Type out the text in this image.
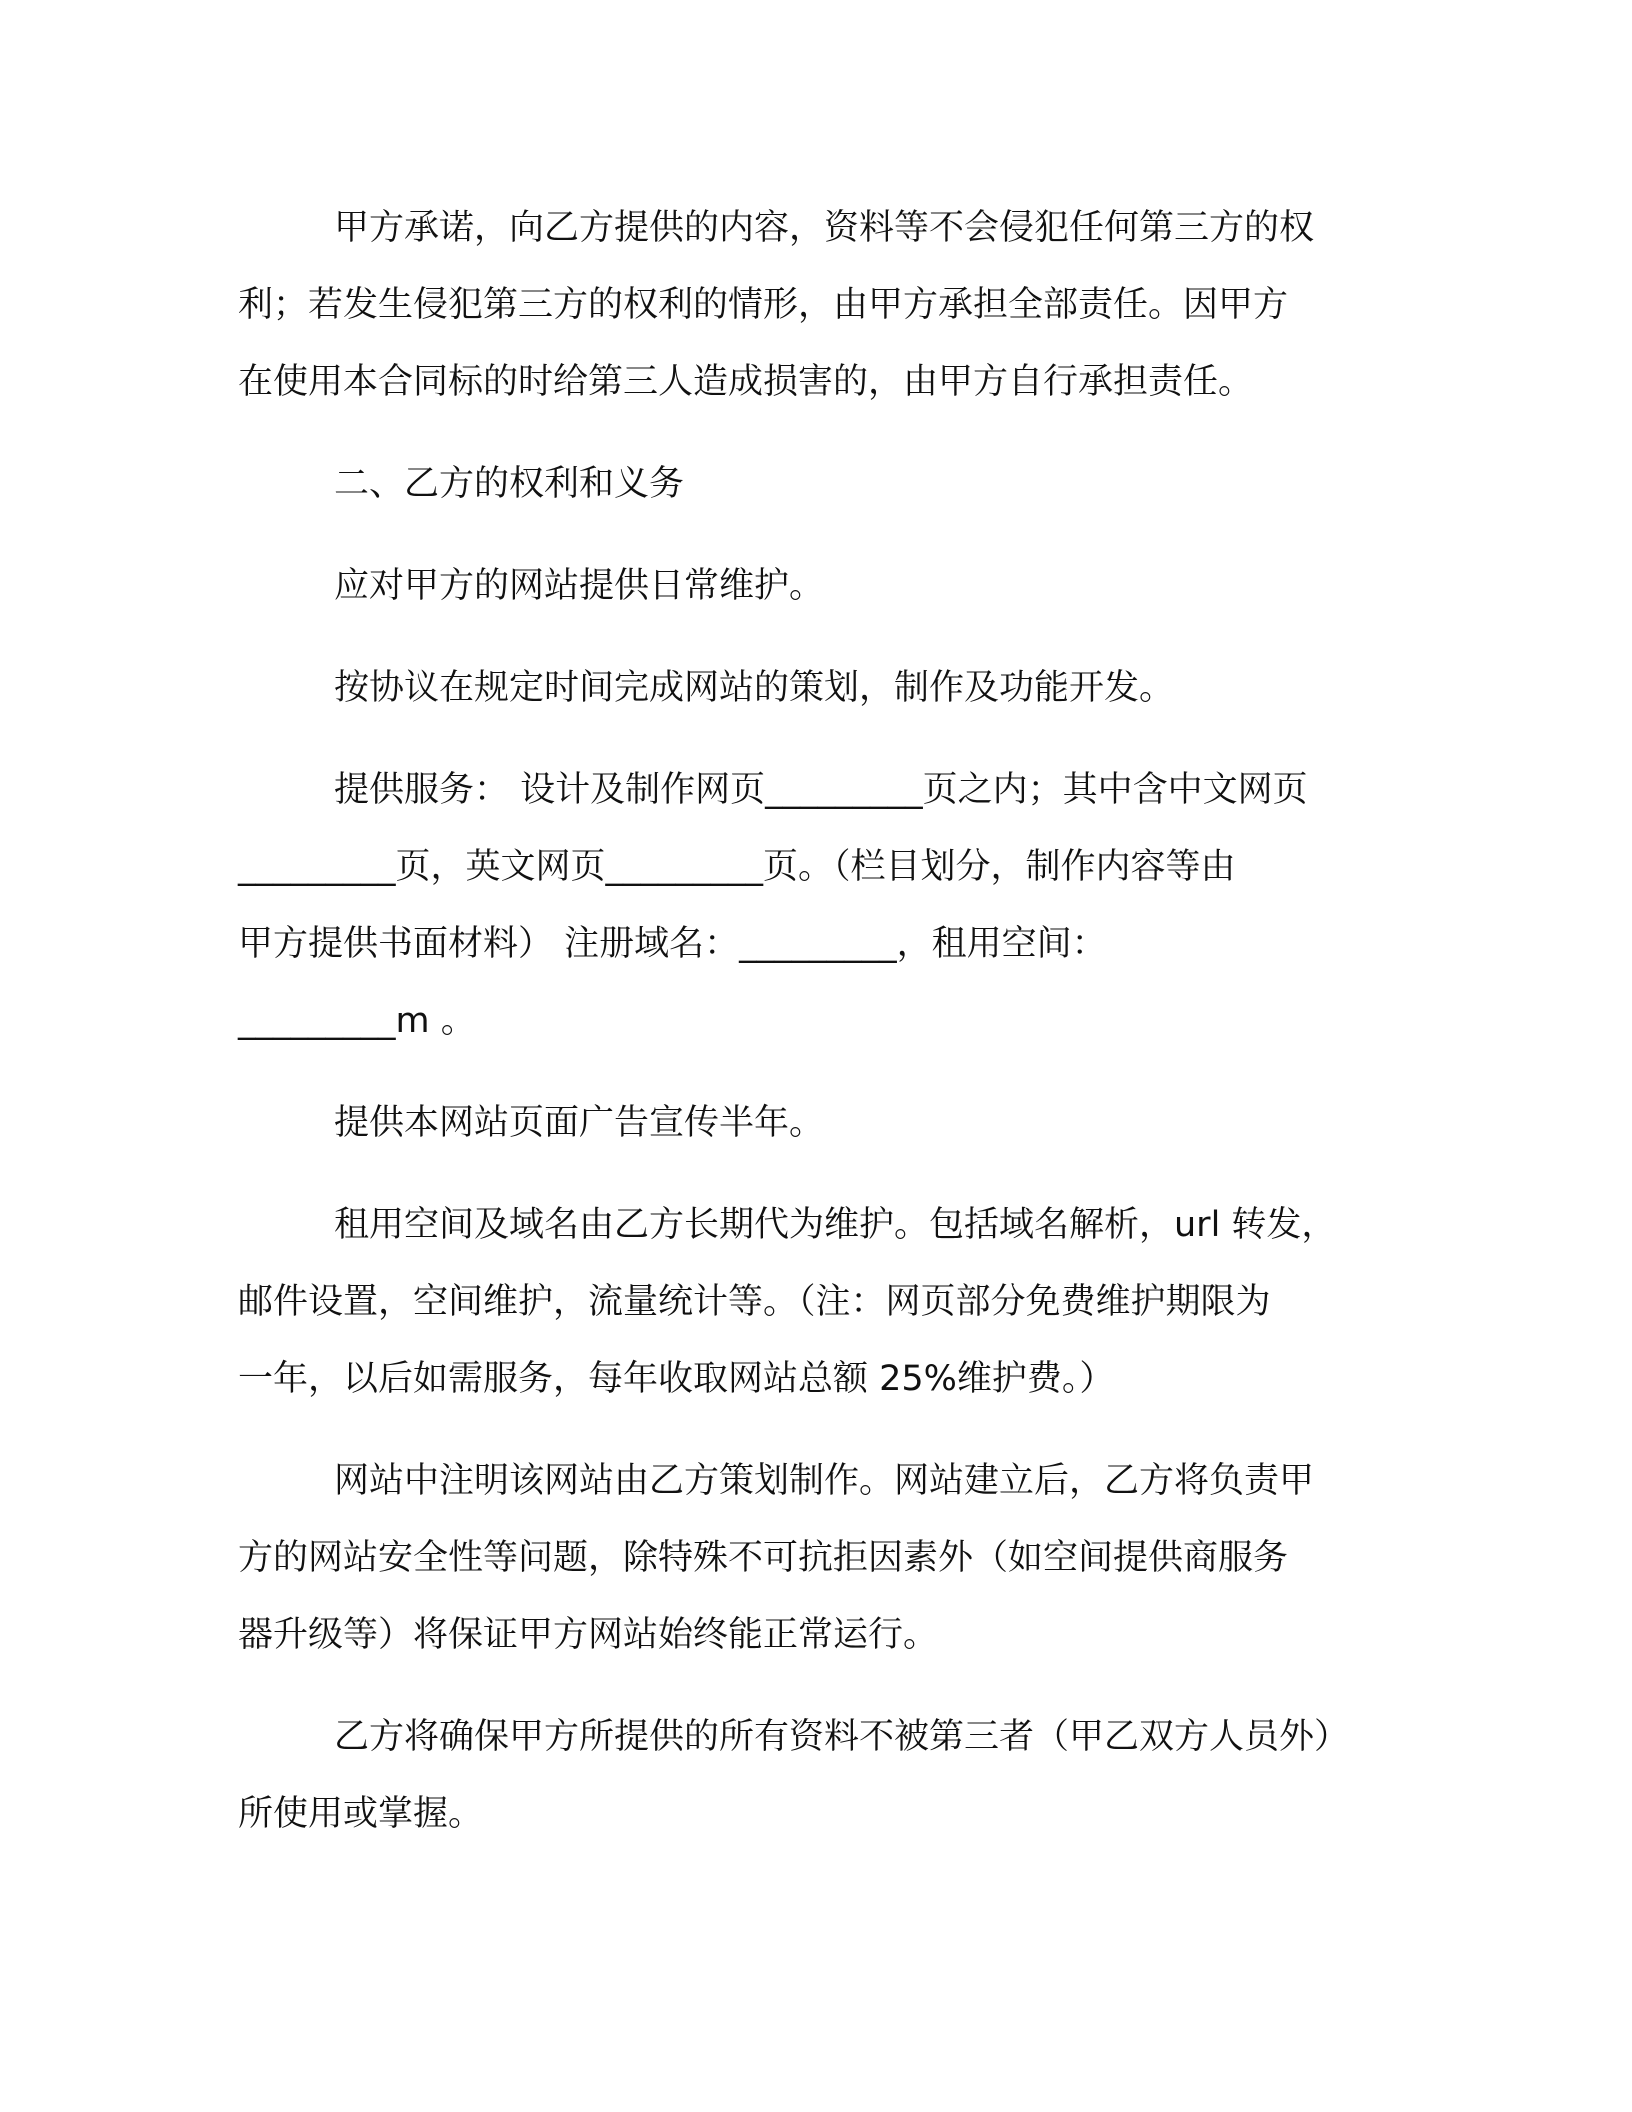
甲方承诺，向乙方提供的内容，资料等不会侵犯任何第三方的权
利；若发生侵犯第三方的权利的情形，由甲方承担全部责任。因甲方
在使用本合同标的时给第三人造成损害的，由甲方自行承担责任。
二、乙方的权利和义务
应对甲方的网站提供日常维护。
按协议在规定时间完成网站的策划，制作及功能开发。
提供服务： 设计及制作网页_________页之内；其中含中文网页
_________页，英文网页_________页。（栏目划分，制作内容等由
甲方提供书面材料） 注册域名：_________，租用空间：
_________m 。
提供本网站页面广告宣传半年。
租用空间及域名由乙方长期代为维护。包括域名解析，url 转发，
邮件设置，空间维护，流量统计等。（注：网页部分免费维护期限为
一年，以后如需服务，每年收取网站总额 25%维护费。）
网站中注明该网站由乙方策划制作。网站建立后，乙方将负责甲
方的网站安全性等问题，除特殊不可抗拒因素外（如空间提供商服务
器升级等）将保证甲方网站始终能正常运行。
乙方将确保甲方所提供的所有资料不被第三者（甲乙双方人员外）
所使用或掌握。
